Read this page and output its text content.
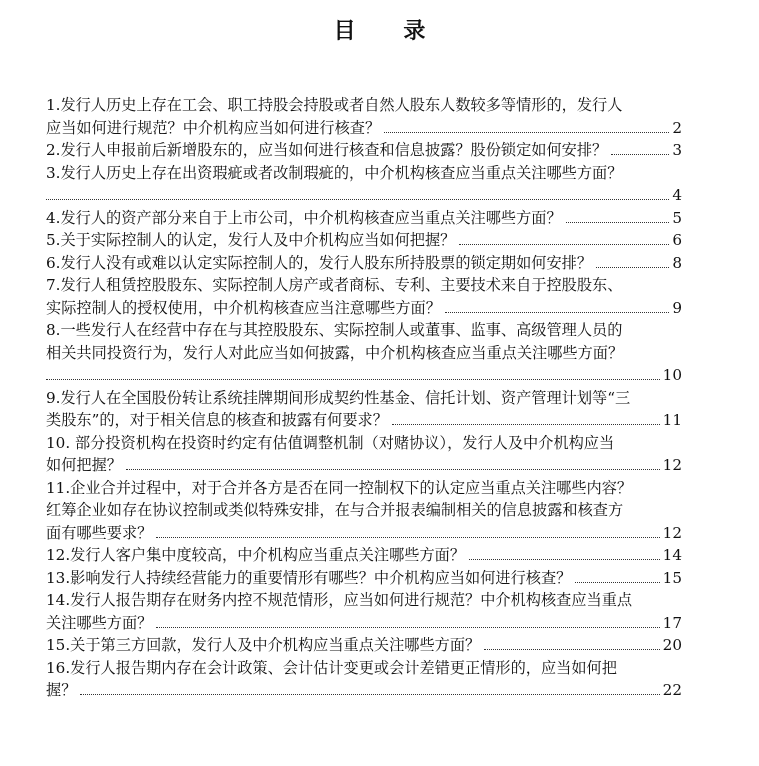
目 录
1.发行人历史上存在工会、职工持股会持股或者自然人股东人数较多等情形的，发行人
应当如何进行规范？中介机构应当如何进行核查？	2
2.发行人申报前后新增股东的，应当如何进行核查和信息披露？股份锁定如何安排？	3
3.发行人历史上存在出资瑕疵或者改制瑕疵的，中介机构核查应当重点关注哪些方面？
4
4.发行人的资产部分来自于上市公司，中介机构核查应当重点关注哪些方面？	5
5.关于实际控制人的认定，发行人及中介机构应当如何把握？	6
6.发行人没有或难以认定实际控制人的，发行人股东所持股票的锁定期如何安排？	8
7.发行人租赁控股股东、实际控制人房产或者商标、专利、主要技术来自于控股股东、
实际控制人的授权使用，中介机构核查应当注意哪些方面？	9
8.一些发行人在经营中存在与其控股股东、实际控制人或董事、监事、高级管理人员的
相关共同投资行为，发行人对此应当如何披露，中介机构核查应当重点关注哪些方面？
10
9.发行人在全国股份转让系统挂牌期间形成契约性基金、信托计划、资产管理计划等“三
类股东”的，对于相关信息的核查和披露有何要求？	11
10. 部分投资机构在投资时约定有估值调整机制（对赌协议），发行人及中介机构应当
如何把握？	12
11.企业合并过程中，对于合并各方是否在同一控制权下的认定应当重点关注哪些内容？
红筹企业如存在协议控制或类似特殊安排，在与合并报表编制相关的信息披露和核查方
面有哪些要求？	12
12.发行人客户集中度较高，中介机构应当重点关注哪些方面？	14
13.影响发行人持续经营能力的重要情形有哪些？中介机构应当如何进行核查？	15
14.发行人报告期存在财务内控不规范情形，应当如何进行规范？中介机构核查应当重点
关注哪些方面？	17
15.关于第三方回款，发行人及中介机构应当重点关注哪些方面？	20
16.发行人报告期内存在会计政策、会计估计变更或会计差错更正情形的，应当如何把
握？	22
